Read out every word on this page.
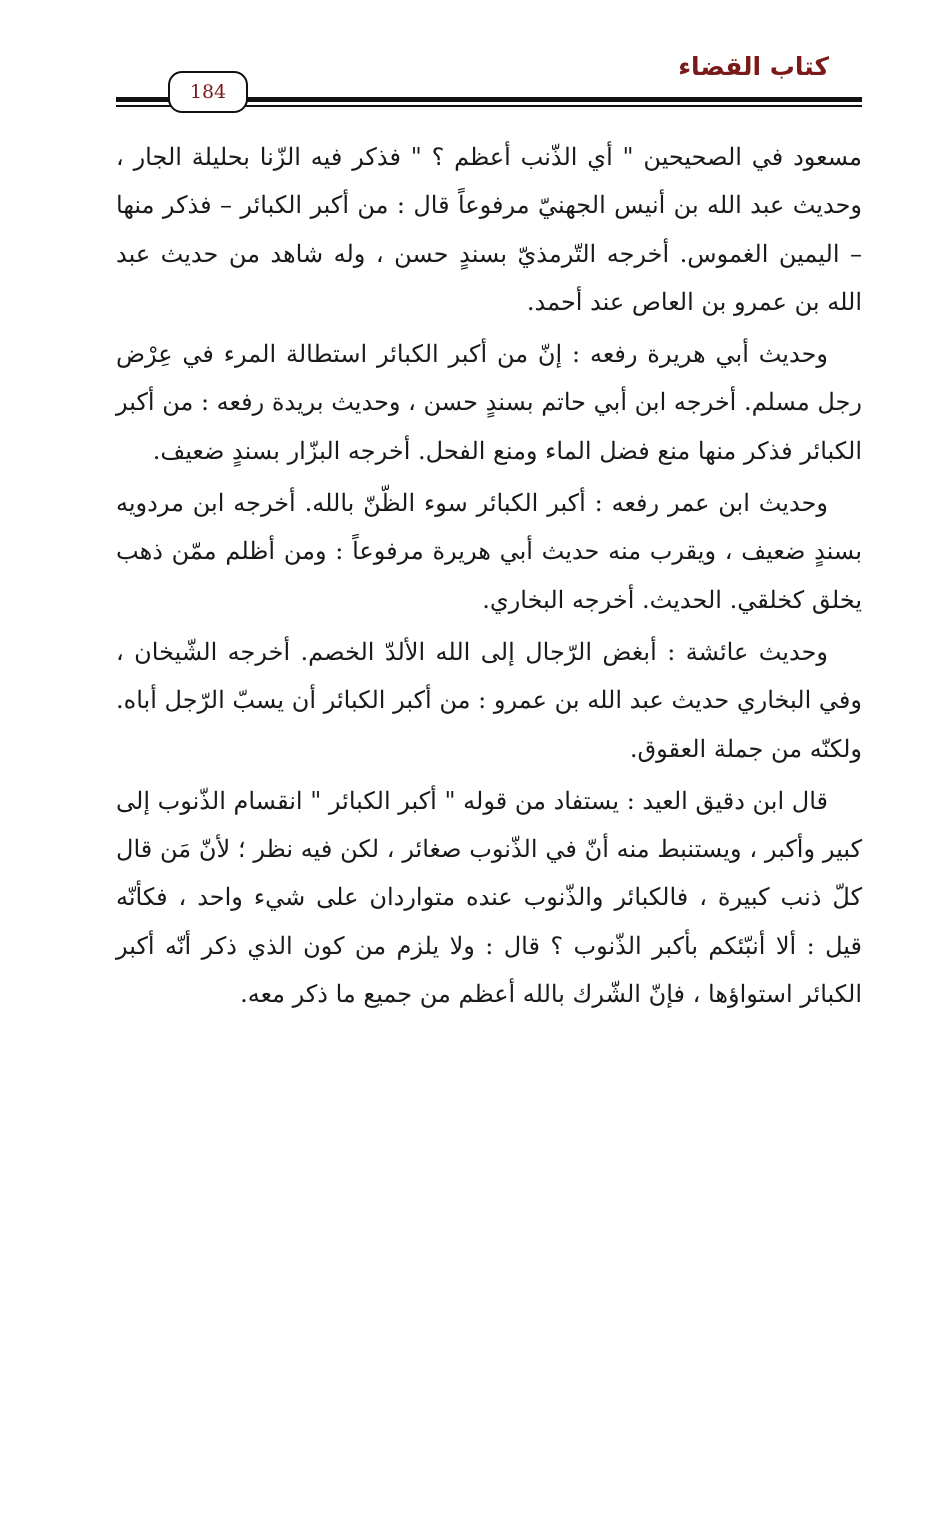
كتاب القضاء
184

مسعود في الصحيحين " أي الذّنب أعظم ؟ " فذكر فيه الزّنا بحليلة الجار ، وحديث عبد الله بن أنيس الجهنيّ مرفوعاً قال : من أكبر الكبائر – فذكر منها – اليمين الغموس. أخرجه التّرمذيّ بسندٍ حسن ، وله شاهد من حديث عبد الله بن عمرو بن العاص عند أحمد.

وحديث أبي هريرة رفعه : إنّ من أكبر الكبائر استطالة المرء في عِرْض رجل مسلم. أخرجه ابن أبي حاتم بسندٍ حسن ، وحديث بريدة رفعه : من أكبر الكبائر فذكر منها منع فضل الماء ومنع الفحل. أخرجه البزّار بسندٍ ضعيف.

وحديث ابن عمر رفعه : أكبر الكبائر سوء الظّنّ بالله. أخرجه ابن مردويه بسندٍ ضعيف ، ويقرب منه حديث أبي هريرة مرفوعاً : ومن أظلم ممّن ذهب يخلق كخلقي. الحديث. أخرجه البخاري.

وحديث عائشة : أبغض الرّجال إلى الله الألدّ الخصم. أخرجه الشّيخان ، وفي البخاري حديث عبد الله بن عمرو : من أكبر الكبائر أن يسبّ الرّجل أباه. ولكنّه من جملة العقوق.

قال ابن دقيق العيد : يستفاد من قوله " أكبر الكبائر " انقسام الذّنوب إلى كبير وأكبر ، ويستنبط منه أنّ في الذّنوب صغائر ، لكن فيه نظر ؛ لأنّ مَن قال كلّ ذنب كبيرة ، فالكبائر والذّنوب عنده متواردان على شيء واحد ، فكأنّه قيل : ألا أنبّئكم بأكبر الذّنوب ؟ قال : ولا يلزم من كون الذي ذكر أنّه أكبر الكبائر استواؤها ، فإنّ الشّرك بالله أعظم من جميع ما ذكر معه.
